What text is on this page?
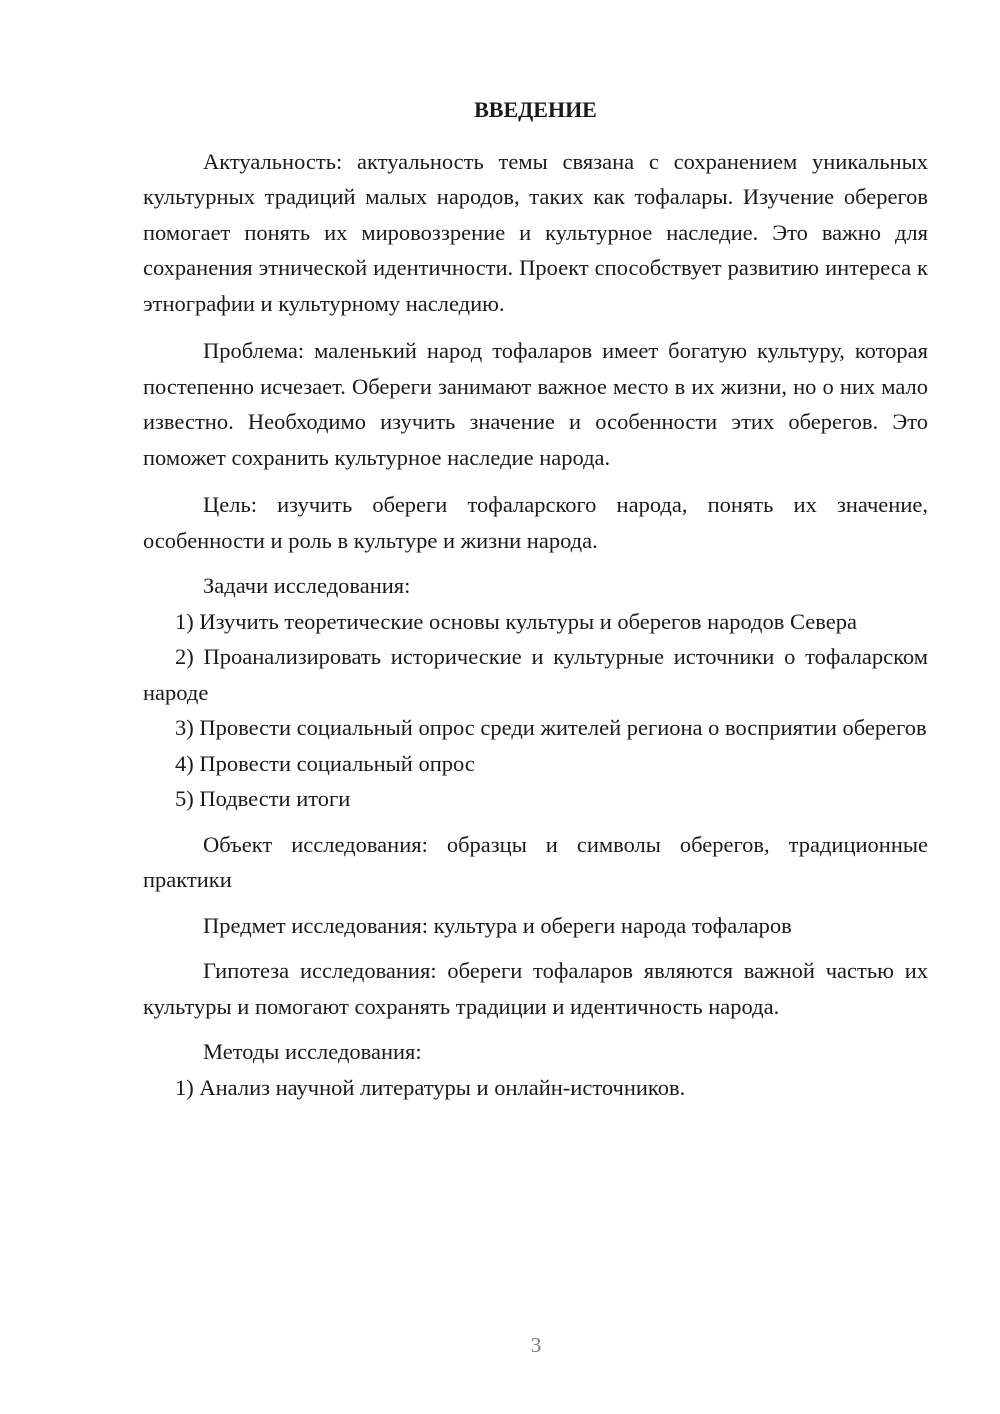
ВВЕДЕНИЕ

Актуальность: актуальность темы связана с сохранением уникальных культурных традиций малых народов, таких как тофалары. Изучение оберегов помогает понять их мировоззрение и культурное наследие. Это важно для сохранения этнической идентичности. Проект способствует развитию интереса к этнографии и культурному наследию.

Проблема: маленький народ тофаларов имеет богатую культуру, которая постепенно исчезает. Обереги занимают важное место в их жизни, но о них мало известно. Необходимо изучить значение и особенности этих оберегов. Это поможет сохранить культурное наследие народа.

Цель: изучить обереги тофаларского народа, понять их значение, особенности и роль в культуре и жизни народа.

Задачи исследования:

1) Изучить теоретические основы культуры и оберегов народов Севера

2) Проанализировать исторические и культурные источники о тофаларском народе

3) Провести социальный опрос среди жителей региона о восприятии оберегов

4) Провести социальный опрос

5) Подвести итоги

Объект исследования: образцы и символы оберегов, традиционные практики

Предмет исследования: культура и обереги народа тофаларов

Гипотеза исследования: обереги тофаларов являются важной частью их культуры и помогают сохранять традиции и идентичность народа.

Методы исследования:

1) Анализ научной литературы и онлайн-источников.

3
